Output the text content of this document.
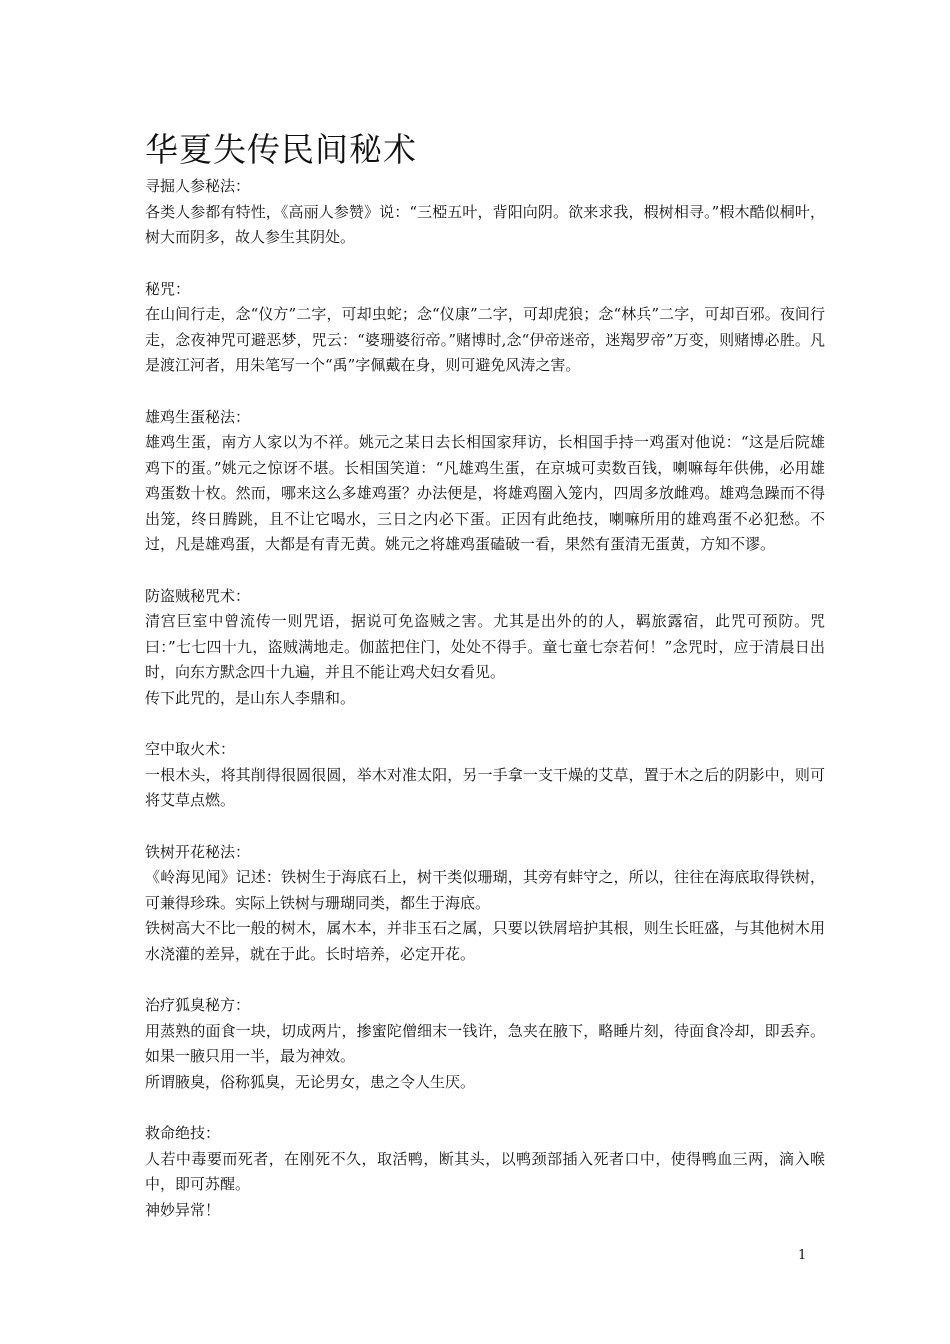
华夏失传民间秘术

寻掘人参秘法：

各类人参都有特性，《高丽人参赞》说：“三椏五叶，背阳向阴。欲来求我，椵树相寻。”椵木酷似桐叶，树大而阴多，故人参生其阴处。

秘咒：

在山间行走，念“仪方”二字，可却虫蛇；念“仪康”二字，可却虎狼；念“林兵”二字，可却百邪。夜间行走，念夜神咒可避恶梦，咒云：“婆珊婆衍帝。”赌博时,念“伊帝迷帝，迷羯罗帝”万变，则赌博必胜。凡是渡江河者，用朱笔写一个“禹”字佩戴在身，则可避免风涛之害。

雄鸡生蛋秘法：

雄鸡生蛋，南方人家以为不祥。姚元之某日去长相国家拜访，长相国手持一鸡蛋对他说：“这是后院雄鸡下的蛋。”姚元之惊讶不堪。长相国笑道：“凡雄鸡生蛋，在京城可卖数百钱，喇嘛每年供佛，必用雄鸡蛋数十枚。然而，哪来这么多雄鸡蛋？办法便是，将雄鸡圈入笼内，四周多放雌鸡。雄鸡急躁而不得出笼，终日腾跳，且不让它喝水，三日之内必下蛋。正因有此绝技，喇嘛所用的雄鸡蛋不必犯愁。不过，凡是雄鸡蛋，大都是有青无黄。姚元之将雄鸡蛋磕破一看，果然有蛋清无蛋黄，方知不谬。

防盗贼秘咒术：

清宫巨室中曾流传一则咒语，据说可免盗贼之害。尤其是出外的的人，羁旅露宿，此咒可预防。咒曰：”七七四十九，盗贼满地走。伽蓝把住门，处处不得手。童七童七奈若何！”念咒时，应于清晨日出时，向东方默念四十九遍，并且不能让鸡犬妇女看见。

传下此咒的，是山东人李鼎和。

空中取火术：

一根木头，将其削得很圆很圆，举木对准太阳，另一手拿一支干燥的艾草，置于木之后的阴影中，则可将艾草点燃。

铁树开花秘法：

《岭海见闻》记述：铁树生于海底石上，树干类似珊瑚，其旁有蚌守之，所以，往往在海底取得铁树，可兼得珍珠。实际上铁树与珊瑚同类，都生于海底。

铁树高大不比一般的树木，属木本，并非玉石之属，只要以铁屑培护其根，则生长旺盛，与其他树木用水浇灌的差异，就在于此。长时培养，必定开花。

治疗狐臭秘方：

用蒸熟的面食一块，切成两片，掺蜜陀僧细末一钱许，急夹在腋下，略睡片刻，待面食冷却，即丢弃。如果一腋只用一半，最为神效。

所谓腋臭，俗称狐臭，无论男女，患之令人生厌。

救命绝技：

人若中毒要而死者，在刚死不久，取活鸭，断其头，以鸭颈部插入死者口中，使得鸭血三两，滴入喉中，即可苏醒。

神妙异常！

1
